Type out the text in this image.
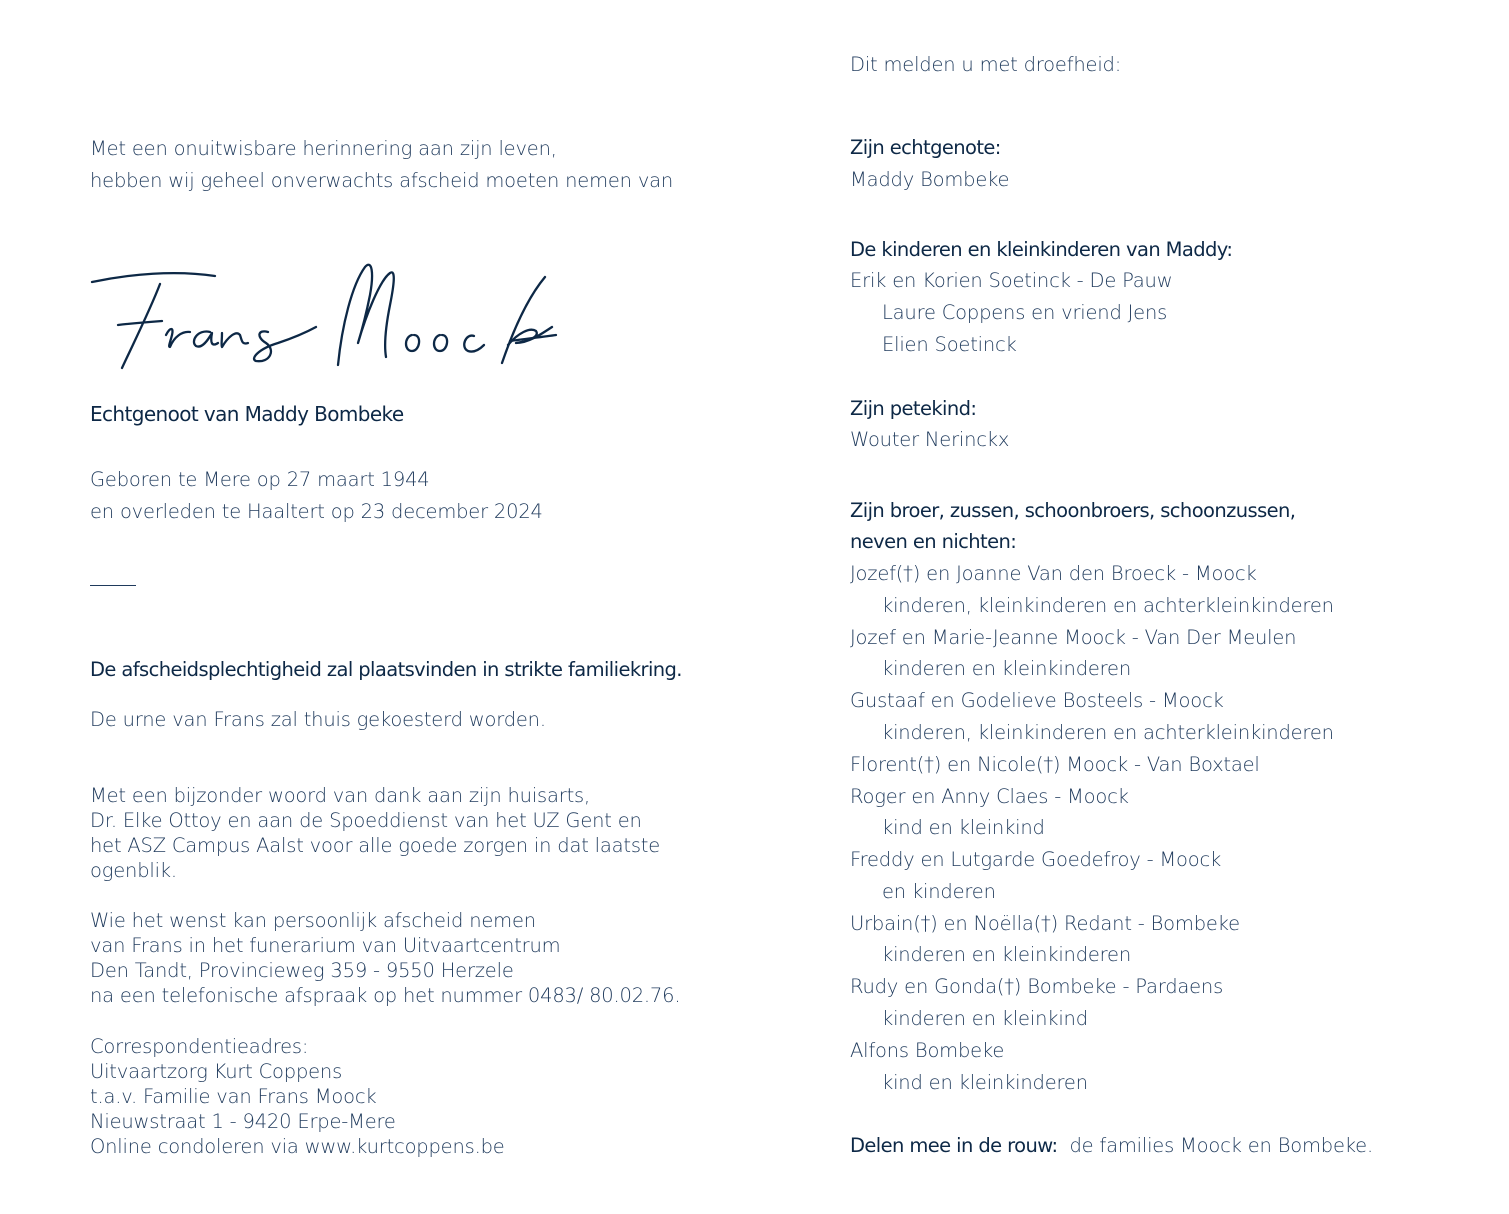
Met een onuitwisbare herinnering aan zijn leven,
hebben wij geheel onverwachts afscheid moeten nemen van
Echtgenoot van Maddy Bombeke
Geboren te Mere op 27 maart 1944
en overleden te Haaltert op 23 december 2024
De afscheidsplechtigheid zal plaatsvinden in strikte familiekring.
De urne van Frans zal thuis gekoesterd worden.
Met een bijzonder woord van dank aan zijn huisarts,
Dr. Elke Ottoy en aan de Spoeddienst van het UZ Gent en
het ASZ Campus Aalst voor alle goede zorgen in dat laatste
ogenblik.
Wie het wenst kan persoonlijk afscheid nemen
van Frans in het funerarium van Uitvaartcentrum
Den Tandt, Provincieweg 359 - 9550 Herzele
na een telefonische afspraak op het nummer 0483/ 80.02.76.
Correspondentieadres:
Uitvaartzorg Kurt Coppens
t.a.v. Familie van Frans Moock
Nieuwstraat 1 - 9420 Erpe-Mere
Online condoleren via www.kurtcoppens.be
Dit melden u met droefheid:
Zijn echtgenote:
Maddy Bombeke
De kinderen en kleinkinderen van Maddy:
Erik en Korien Soetinck - De Pauw
Laure Coppens en vriend Jens
Elien Soetinck
Zijn petekind:
Wouter Nerinckx
Zijn broer, zussen, schoonbroers, schoonzussen,
neven en nichten:
Jozef(†) en Joanne Van den Broeck - Moock
kinderen, kleinkinderen en achterkleinkinderen
Jozef en Marie-Jeanne Moock - Van Der Meulen
kinderen en kleinkinderen
Gustaaf en Godelieve Bosteels - Moock
kinderen, kleinkinderen en achterkleinkinderen
Florent(†) en Nicole(†) Moock - Van Boxtael
Roger en Anny Claes - Moock
kind en kleinkind
Freddy en Lutgarde Goedefroy - Moock
en kinderen
Urbain(†) en Noëlla(†) Redant - Bombeke
kinderen en kleinkinderen
Rudy en Gonda(†) Bombeke - Pardaens
kinderen en kleinkind
Alfons Bombeke
kind en kleinkinderen
Delen mee in de rouw: de families Moock en Bombeke.
